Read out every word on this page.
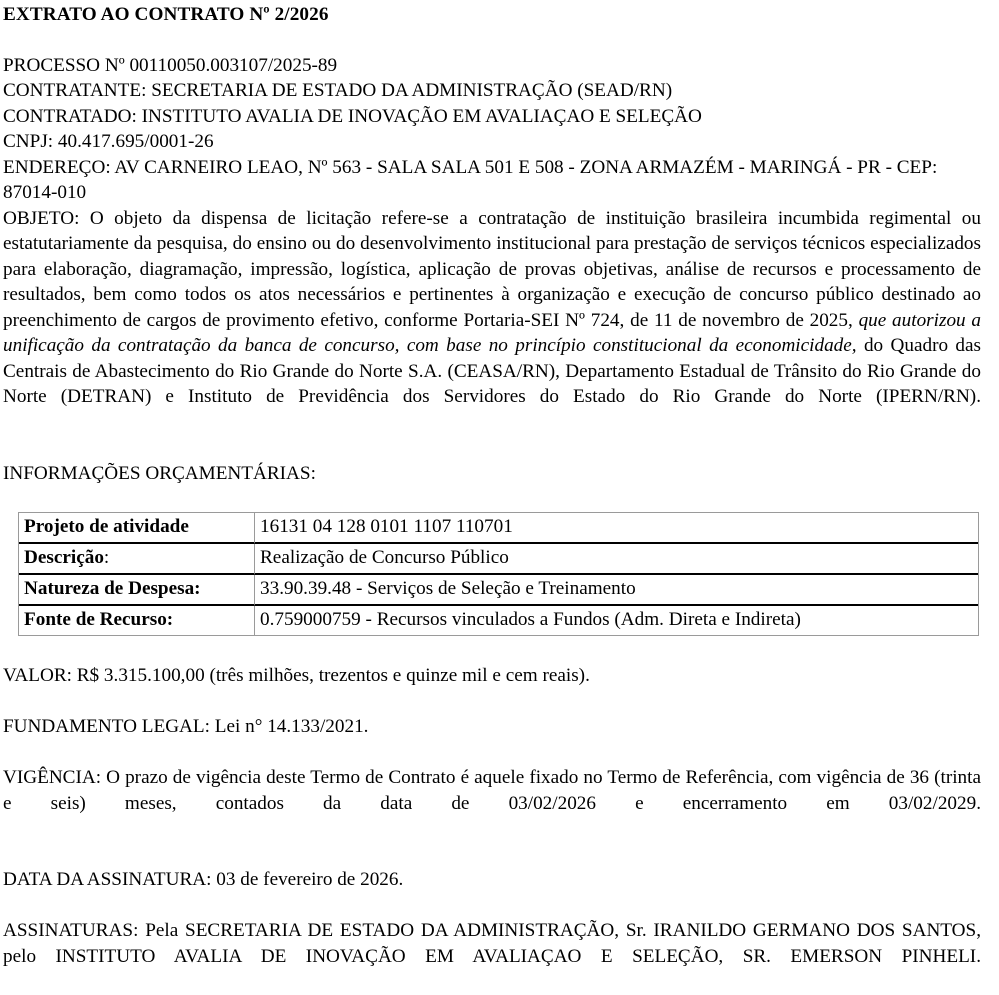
EXTRATO AO CONTRATO Nº 2/2026
PROCESSO Nº 00110050.003107/2025-89
CONTRATANTE: SECRETARIA DE ESTADO DA ADMINISTRAÇÃO (SEAD/RN)
CONTRATADO: INSTITUTO AVALIA DE INOVAÇÃO EM AVALIAÇAO E SELEÇÃO
CNPJ: 40.417.695/0001-26
ENDEREÇO: AV CARNEIRO LEAO, Nº 563 - SALA SALA 501 E 508 - ZONA ARMAZÉM - MARINGÁ - PR - CEP: 87014-010
OBJETO: O objeto da dispensa de licitação refere-se a contratação de instituição brasileira incumbida regimental ou estatutariamente da pesquisa, do ensino ou do desenvolvimento institucional para prestação de serviços técnicos especializados para elaboração, diagramação, impressão, logística, aplicação de provas objetivas, análise de recursos e processamento de resultados, bem como todos os atos necessários e pertinentes à organização e execução de concurso público destinado ao preenchimento de cargos de provimento efetivo, conforme Portaria-SEI Nº 724, de 11 de novembro de 2025, que autorizou a unificação da contratação da banca de concurso, com base no princípio constitucional da economicidade, do Quadro das Centrais de Abastecimento do Rio Grande do Norte S.A. (CEASA/RN), Departamento Estadual de Trânsito do Rio Grande do Norte (DETRAN) e Instituto de Previdência dos Servidores do Estado do Rio Grande do Norte (IPERN/RN).
INFORMAÇÕES ORÇAMENTÁRIAS:
Projeto de atividade	16131 04 128 0101 1107 110701
Descrição:	Realização de Concurso Público
Natureza de Despesa:	33.90.39.48 - Serviços de Seleção e Treinamento
Fonte de Recurso:	0.759000759 - Recursos vinculados a Fundos (Adm. Direta e Indireta)
VALOR: R$ 3.315.100,00 (três milhões, trezentos e quinze mil e cem reais).
FUNDAMENTO LEGAL: Lei n° 14.133/2021.
VIGÊNCIA: O prazo de vigência deste Termo de Contrato é aquele fixado no Termo de Referência, com vigência de 36 (trinta e seis) meses, contados da data de 03/02/2026 e encerramento em 03/02/2029.
DATA DA ASSINATURA: 03 de fevereiro de 2026.
ASSINATURAS: Pela SECRETARIA DE ESTADO DA ADMINISTRAÇÃO, Sr. IRANILDO GERMANO DOS SANTOS, pelo INSTITUTO AVALIA DE INOVAÇÃO EM AVALIAÇAO E SELEÇÃO, SR. EMERSON PINHELI.
